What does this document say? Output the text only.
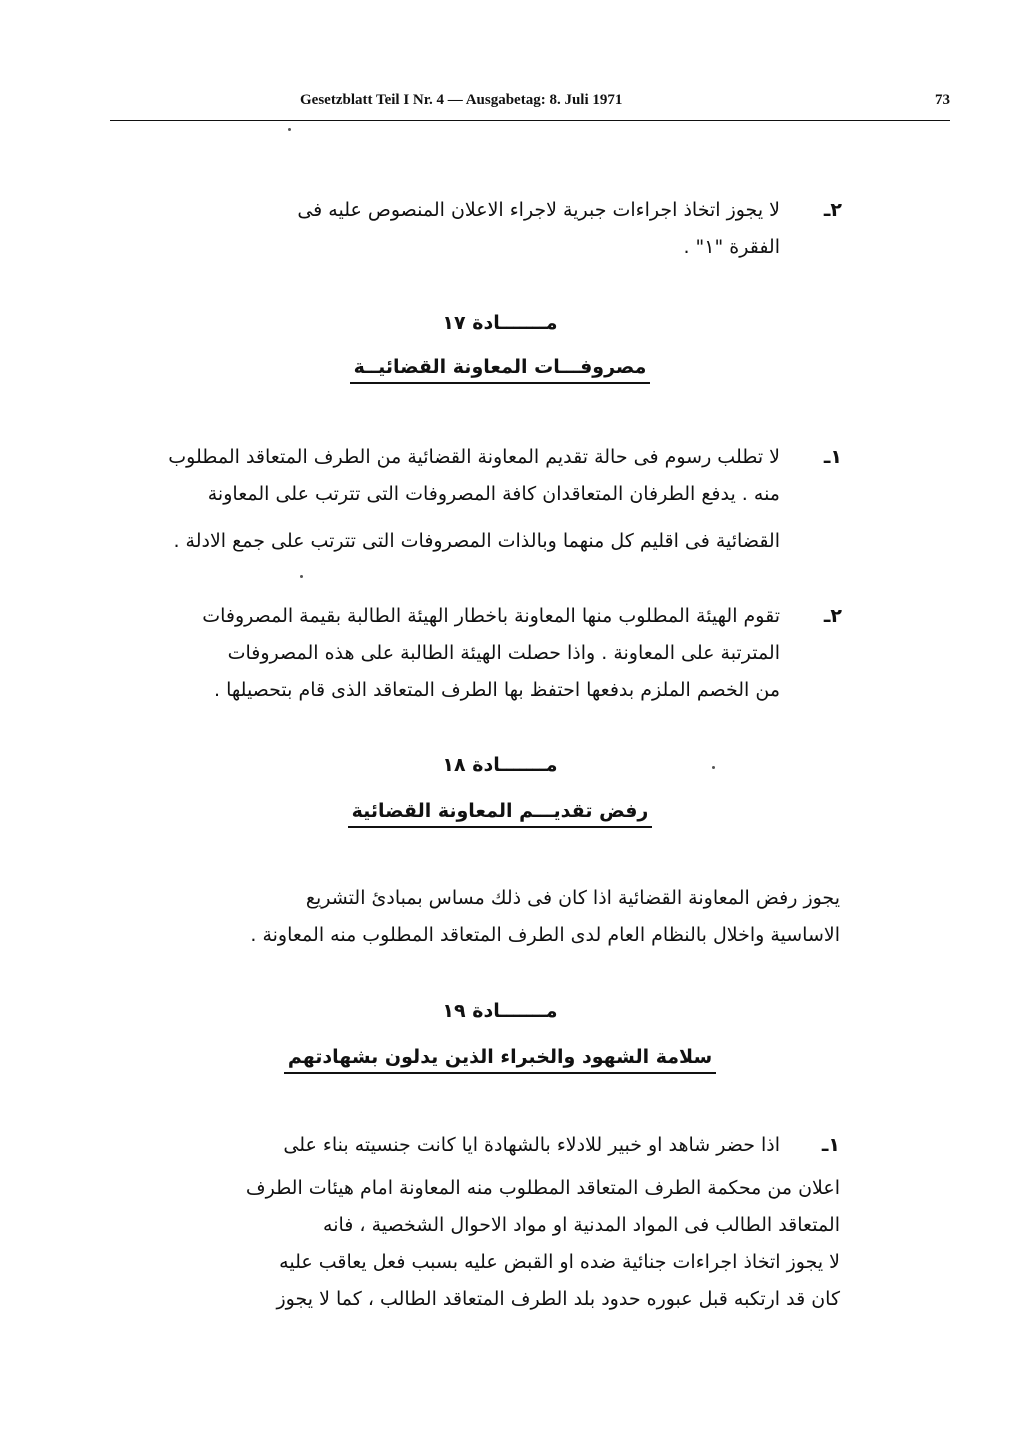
Gesetzblatt Teil I Nr. 4 — Ausgabetag: 8. Juli 1971	73
٢ـ
لا يجوز اتخاذ اجراءات جبرية لاجراء الاعلان المنصوص عليه فى
الفقرة "١" .
مـــــــادة ١٧
مصروفـــات المعاونة القضائيــة
١ـ
لا تطلب رسوم فى حالة تقديم المعاونة القضائية من الطرف المتعاقد المطلوب
منه . يدفع الطرفان المتعاقدان كافة المصروفات التى تترتب على المعاونة
القضائية فى اقليم كل منهما وبالذات المصروفات التى تترتب على جمع الادلة .
٢ـ
تقوم الهيئة المطلوب منها المعاونة باخطار الهيئة الطالبة بقيمة المصروفات
المترتبة على المعاونة . واذا حصلت الهيئة الطالبة على هذه المصروفات
من الخصم الملزم بدفعها احتفظ بها الطرف المتعاقد الذى قام بتحصيلها .
مـــــــادة ١٨
رفض تقديـــم المعاونة القضائية
يجوز رفض المعاونة القضائية اذا كان فى ذلك مساس بمبادئ التشريع
الاساسية واخلال بالنظام العام لدى الطرف المتعاقد المطلوب منه المعاونة .
مـــــــادة ١٩
سلامة الشهود والخبراء الذين يدلون بشهادتهم
١ـ
اذا حضر شاهد او خبير للادلاء بالشهادة ايا كانت جنسيته بناء على
اعلان من محكمة الطرف المتعاقد المطلوب منه المعاونة امام هيئات الطرف
المتعاقد الطالب فى المواد المدنية او مواد الاحوال الشخصية ، فانه
لا يجوز اتخاذ اجراءات جنائية ضده او القبض عليه بسبب فعل يعاقب عليه
كان قد ارتكبه قبل عبوره حدود بلد الطرف المتعاقد الطالب ، كما لا يجوز
